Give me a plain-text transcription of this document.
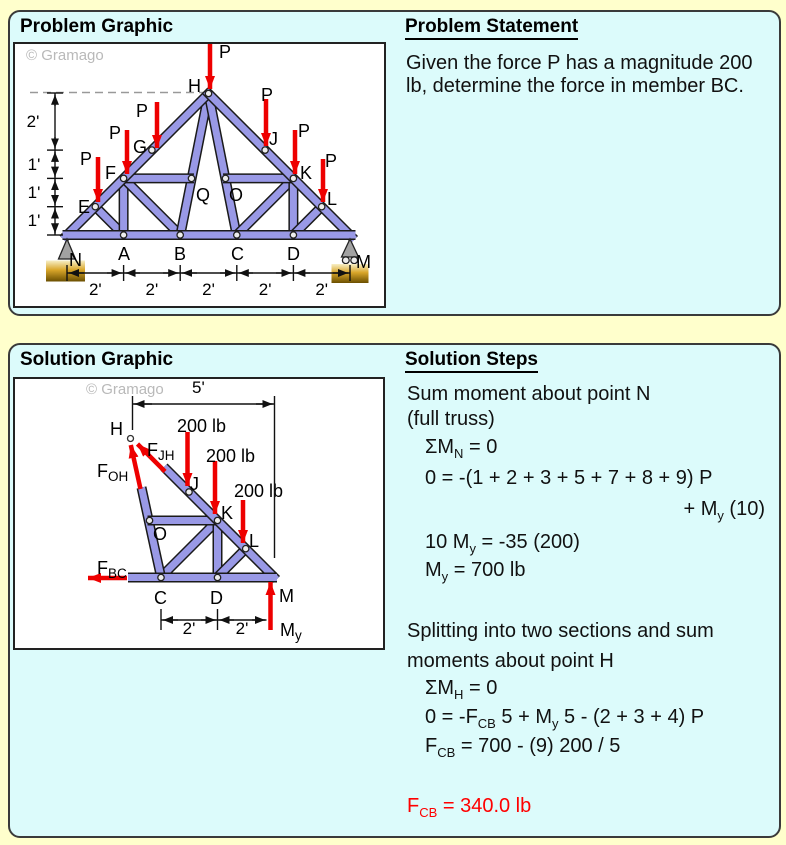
Problem Graphic	Problem Statement
Given the force P has a magnitude 200 lb, determine the force in member BC.
© Gramago
P
P
P
P
P
P
P
N A B C D	M
E
F
G
H
J
K
L
Q O
2'
1'
1'
1'
2'	2'	2'	2'	2'
Solution Graphic	Solution Steps
© Gramago
H
J
K
L
O
C D	M
$F_{JH}$
$F_{OH}$
$F_{BC}$
$M_y$
200 lb
200 lb
200 lb
5'
2' 2'
Sum moment about point N
(full truss)
$\Sigma M_N = 0$
0 = -(1 + 2 + 3 + 5 + 7 + 8 + 9) P
+ $M_y$ (10)
10 $M_y = -35$ (200)
$M_y = 700$ lb
Splitting into two sections and sum
moments about point H
$\Sigma M_H = 0$
$0 = -F_{CB}$ $5 + M_y$ 5 - (2 + 3 + 4) P
$F_{CB} = 700 - (9)$ 200 / 5
$F_{CB} = 340.0$ lb
